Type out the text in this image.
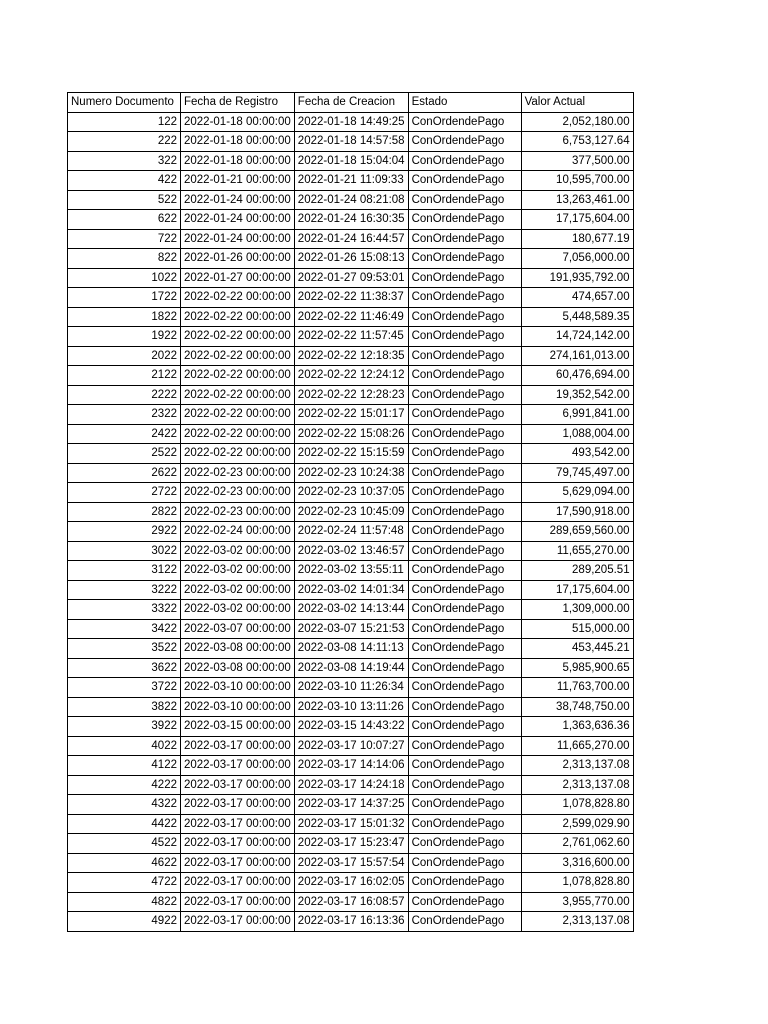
Numero Documento	Fecha de Registro	Fecha de Creacion	Estado	Valor Actual
122	2022-01-18 00:00:00	2022-01-18 14:49:25	ConOrdendePago	2,052,180.00
222	2022-01-18 00:00:00	2022-01-18 14:57:58	ConOrdendePago	6,753,127.64
322	2022-01-18 00:00:00	2022-01-18 15:04:04	ConOrdendePago	377,500.00
422	2022-01-21 00:00:00	2022-01-21 11:09:33	ConOrdendePago	10,595,700.00
522	2022-01-24 00:00:00	2022-01-24 08:21:08	ConOrdendePago	13,263,461.00
622	2022-01-24 00:00:00	2022-01-24 16:30:35	ConOrdendePago	17,175,604.00
722	2022-01-24 00:00:00	2022-01-24 16:44:57	ConOrdendePago	180,677.19
822	2022-01-26 00:00:00	2022-01-26 15:08:13	ConOrdendePago	7,056,000.00
1022	2022-01-27 00:00:00	2022-01-27 09:53:01	ConOrdendePago	191,935,792.00
1722	2022-02-22 00:00:00	2022-02-22 11:38:37	ConOrdendePago	474,657.00
1822	2022-02-22 00:00:00	2022-02-22 11:46:49	ConOrdendePago	5,448,589.35
1922	2022-02-22 00:00:00	2022-02-22 11:57:45	ConOrdendePago	14,724,142.00
2022	2022-02-22 00:00:00	2022-02-22 12:18:35	ConOrdendePago	274,161,013.00
2122	2022-02-22 00:00:00	2022-02-22 12:24:12	ConOrdendePago	60,476,694.00
2222	2022-02-22 00:00:00	2022-02-22 12:28:23	ConOrdendePago	19,352,542.00
2322	2022-02-22 00:00:00	2022-02-22 15:01:17	ConOrdendePago	6,991,841.00
2422	2022-02-22 00:00:00	2022-02-22 15:08:26	ConOrdendePago	1,088,004.00
2522	2022-02-22 00:00:00	2022-02-22 15:15:59	ConOrdendePago	493,542.00
2622	2022-02-23 00:00:00	2022-02-23 10:24:38	ConOrdendePago	79,745,497.00
2722	2022-02-23 00:00:00	2022-02-23 10:37:05	ConOrdendePago	5,629,094.00
2822	2022-02-23 00:00:00	2022-02-23 10:45:09	ConOrdendePago	17,590,918.00
2922	2022-02-24 00:00:00	2022-02-24 11:57:48	ConOrdendePago	289,659,560.00
3022	2022-03-02 00:00:00	2022-03-02 13:46:57	ConOrdendePago	11,655,270.00
3122	2022-03-02 00:00:00	2022-03-02 13:55:11	ConOrdendePago	289,205.51
3222	2022-03-02 00:00:00	2022-03-02 14:01:34	ConOrdendePago	17,175,604.00
3322	2022-03-02 00:00:00	2022-03-02 14:13:44	ConOrdendePago	1,309,000.00
3422	2022-03-07 00:00:00	2022-03-07 15:21:53	ConOrdendePago	515,000.00
3522	2022-03-08 00:00:00	2022-03-08 14:11:13	ConOrdendePago	453,445.21
3622	2022-03-08 00:00:00	2022-03-08 14:19:44	ConOrdendePago	5,985,900.65
3722	2022-03-10 00:00:00	2022-03-10 11:26:34	ConOrdendePago	11,763,700.00
3822	2022-03-10 00:00:00	2022-03-10 13:11:26	ConOrdendePago	38,748,750.00
3922	2022-03-15 00:00:00	2022-03-15 14:43:22	ConOrdendePago	1,363,636.36
4022	2022-03-17 00:00:00	2022-03-17 10:07:27	ConOrdendePago	11,665,270.00
4122	2022-03-17 00:00:00	2022-03-17 14:14:06	ConOrdendePago	2,313,137.08
4222	2022-03-17 00:00:00	2022-03-17 14:24:18	ConOrdendePago	2,313,137.08
4322	2022-03-17 00:00:00	2022-03-17 14:37:25	ConOrdendePago	1,078,828.80
4422	2022-03-17 00:00:00	2022-03-17 15:01:32	ConOrdendePago	2,599,029.90
4522	2022-03-17 00:00:00	2022-03-17 15:23:47	ConOrdendePago	2,761,062.60
4622	2022-03-17 00:00:00	2022-03-17 15:57:54	ConOrdendePago	3,316,600.00
4722	2022-03-17 00:00:00	2022-03-17 16:02:05	ConOrdendePago	1,078,828.80
4822	2022-03-17 00:00:00	2022-03-17 16:08:57	ConOrdendePago	3,955,770.00
4922	2022-03-17 00:00:00	2022-03-17 16:13:36	ConOrdendePago	2,313,137.08
